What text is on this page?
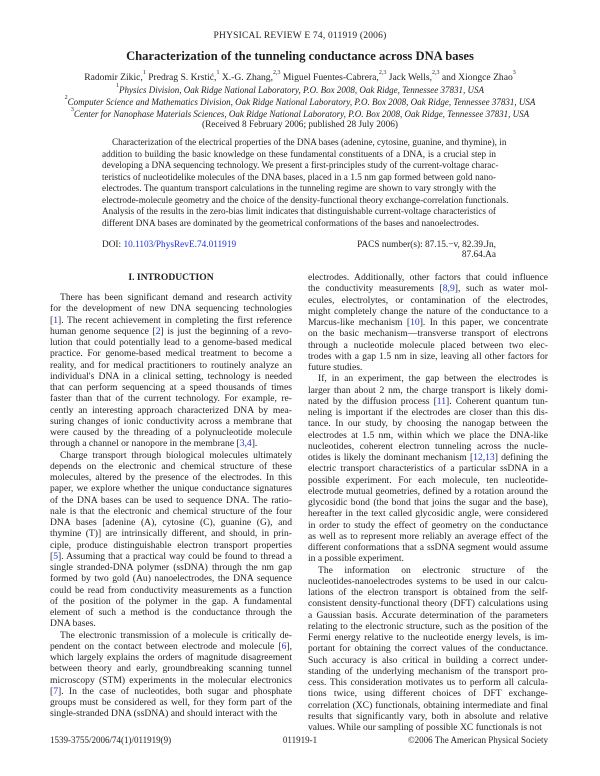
PHYSICAL REVIEW E 74, 011919 (2006)
Characterization of the tunneling conductance across DNA bases
Radomir Zikic,$^1$ Predrag S. Krstić,$^1$ X.-G. Zhang,$^{2,3}$ Miguel Fuentes-Cabrera,$^{2,3}$ Jack Wells,$^{2,3}$ and Xiongce Zhao$^3$
$^1$Physics Division, Oak Ridge National Laboratory, P.O. Box 2008, Oak Ridge, Tennessee 37831, USA
$^2$Computer Science and Mathematics Division, Oak Ridge National Laboratory, P.O. Box 2008, Oak Ridge, Tennessee 37831, USA
$^3$Center for Nanophase Materials Sciences, Oak Ridge National Laboratory, P.O. Box 2008, Oak Ridge, Tennessee 37831, USA
(Received 8 February 2006; published 28 July 2006)
Characterization of the electrical properties of the DNA bases (adenine, cytosine, guanine, and thymine), in
addition to building the basic knowledge on these fundamental constituents of a DNA, is a crucial step in
developing a DNA sequencing technology. We present a first-principles study of the current-voltage charac-
teristics of nucleotidelike molecules of the DNA bases, placed in a 1.5 nm gap formed between gold nano-
electrodes. The quantum transport calculations in the tunneling regime are shown to vary strongly with the
electrode-molecule geometry and the choice of the density-functional theory exchange-correlation functionals.
Analysis of the results in the zero-bias limit indicates that distinguishable current-voltage characteristics of
different DNA bases are dominated by the geometrical conformations of the bases and nanoelectrodes.
DOI: 10.1103/PhysRevE.74.011919	PACS number(s): 87.15.−v, 82.39.Jn, 87.64.Aa
I. INTRODUCTION
There has been significant demand and research activity
for the development of new DNA sequencing technologies
[1]. The recent achievement in completing the first reference
human genome sequence [2] is just the beginning of a revo-
lution that could potentially lead to a genome-based medical
practice. For genome-based medical treatment to become a
reality, and for medical practitioners to routinely analyze an
individual's DNA in a clinical setting, technology is needed
that can perform sequencing at a speed thousands of times
faster than that of the current technology. For example, re-
cently an interesting approach characterized DNA by mea-
suring changes of ionic conductivity across a membrane that
were caused by the threading of a polynucleotide molecule
through a channel or nanopore in the membrane [3,4].
Charge transport through biological molecules ultimately
depends on the electronic and chemical structure of these
molecules, altered by the presence of the electrodes. In this
paper, we explore whether the unique conductance signatures
of the DNA bases can be used to sequence DNA. The ratio-
nale is that the electronic and chemical structure of the four
DNA bases [adenine (A), cytosine (C), guanine (G), and
thymine (T)] are intrinsically different, and should, in prin-
ciple, produce distinguishable electron transport properties
[5]. Assuming that a practical way could be found to thread a
single stranded-DNA polymer (ssDNA) through the nm gap
formed by two gold (Au) nanoelectrodes, the DNA sequence
could be read from conductivity measurements as a function
of the position of the polymer in the gap. A fundamental
element of such a method is the conductance through the
DNA bases.
The electronic transmission of a molecule is critically de-
pendent on the contact between electrode and molecule [6],
which largely explains the orders of magnitude disagreement
between theory and early, groundbreaking scanning tunnel
microscopy (STM) experiments in the molecular electronics
[7]. In the case of nucleotides, both sugar and phosphate
groups must be considered as well, for they form part of the
single-stranded DNA (ssDNA) and should interact with the
electrodes. Additionally, other factors that could influence
the conductivity measurements [8,9], such as water mol-
ecules, electrolytes, or contamination of the electrodes,
might completely change the nature of the conductance to a
Marcus-like mechanism [10]. In this paper, we concentrate
on the basic mechanism—transverse transport of electrons
through a nucleotide molecule placed between two elec-
trodes with a gap 1.5 nm in size, leaving all other factors for
future studies.
If, in an experiment, the gap between the electrodes is
larger than about 2 nm, the charge transport is likely domi-
nated by the diffusion process [11]. Coherent quantum tun-
neling is important if the electrodes are closer than this dis-
tance. In our study, by choosing the nanogap between the
electrodes at 1.5 nm, within which we place the DNA-like
nucleotides, coherent electron tunneling across the nucle-
otides is likely the dominant mechanism [12,13] defining the
electric transport characteristics of a particular ssDNA in a
possible experiment. For each molecule, ten nucleotide-
electrode mutual geometries, defined by a rotation around the
glycosidic bond (the bond that joins the sugar and the base),
hereafter in the text called glycosidic angle, were considered
in order to study the effect of geometry on the conductance
as well as to represent more reliably an average effect of the
different conformations that a ssDNA segment would assume
in a possible experiment.
The information on electronic structure of the
nucleotides-nanoelectrodes systems to be used in our calcu-
lations of the electron transport is obtained from the self-
consistent density-functional theory (DFT) calculations using
a Gaussian basis. Accurate determination of the parameters
relating to the electronic structure, such as the position of the
Fermi energy relative to the nucleotide energy levels, is im-
portant for obtaining the correct values of the conductance.
Such accuracy is also critical in building a correct under-
standing of the underlying mechanism of the transport pro-
cess. This consideration motivates us to perform all calcula-
tions twice, using different choices of DFT exchange-
correlation (XC) functionals, obtaining intermediate and final
results that significantly vary, both in absolute and relative
values. While our sampling of possible XC functionals is not
1539-3755/2006/74(1)/011919(9)	011919-1	©2006 The American Physical Society
